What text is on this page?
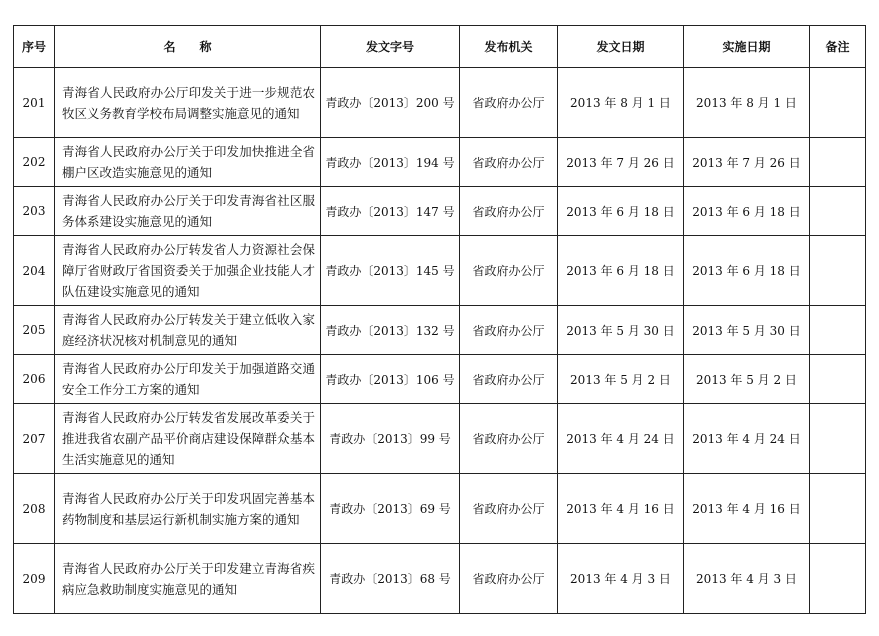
序号	名　　称	发文字号	发布机关	发文日期	实施日期	备注
201	青海省人民政府办公厅印发关于进一步规范农牧区义务教育学校布局调整实施意见的通知	青政办〔2013〕200 号	省政府办公厅	2013 年 8 月 1 日	2013 年 8 月 1 日	
202	青海省人民政府办公厅关于印发加快推进全省棚户区改造实施意见的通知	青政办〔2013〕194 号	省政府办公厅	2013 年 7 月 26 日	2013 年 7 月 26 日	
203	青海省人民政府办公厅关于印发青海省社区服务体系建设实施意见的通知	青政办〔2013〕147 号	省政府办公厅	2013 年 6 月 18 日	2013 年 6 月 18 日	
204	青海省人民政府办公厅转发省人力资源社会保障厅省财政厅省国资委关于加强企业技能人才队伍建设实施意见的通知	青政办〔2013〕145 号	省政府办公厅	2013 年 6 月 18 日	2013 年 6 月 18 日	
205	青海省人民政府办公厅转发关于建立低收入家庭经济状况核对机制意见的通知	青政办〔2013〕132 号	省政府办公厅	2013 年 5 月 30 日	2013 年 5 月 30 日	
206	青海省人民政府办公厅印发关于加强道路交通安全工作分工方案的通知	青政办〔2013〕106 号	省政府办公厅	2013 年 5 月 2 日	2013 年 5 月 2 日	
207	青海省人民政府办公厅转发省发展改革委关于推进我省农副产品平价商店建设保障群众基本生活实施意见的通知	青政办〔2013〕99 号	省政府办公厅	2013 年 4 月 24 日	2013 年 4 月 24 日	
208	青海省人民政府办公厅关于印发巩固完善基本药物制度和基层运行新机制实施方案的通知	青政办〔2013〕69 号	省政府办公厅	2013 年 4 月 16 日	2013 年 4 月 16 日	
209	青海省人民政府办公厅关于印发建立青海省疾病应急救助制度实施意见的通知	青政办〔2013〕68 号	省政府办公厅	2013 年 4 月 3 日	2013 年 4 月 3 日	
